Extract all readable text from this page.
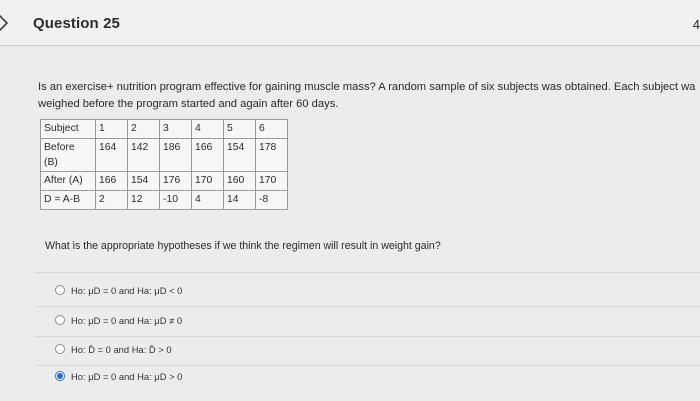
Question 25	4
Is an exercise+ nutrition program effective for gaining muscle mass? A random sample of six subjects was obtained. Each subject wa
weighed before the program started and again after 60 days.
Subject	1	2	3	4	5	6
Before
(B)	164	142	186	166	154	178
After (A)	166	154	176	170	160	170
D = A-B	2	12	-10	4	14	-8
What is the appropriate hypotheses if we think the regimen will result in weight gain?
Ho: μD = 0 and Ha: μD < 0
Ho: μD = 0 and Ha: μD ≠ 0
Ho: D̄ = 0 and Ha: D̄ > 0
Ho: μD = 0 and Ha: μD > 0
